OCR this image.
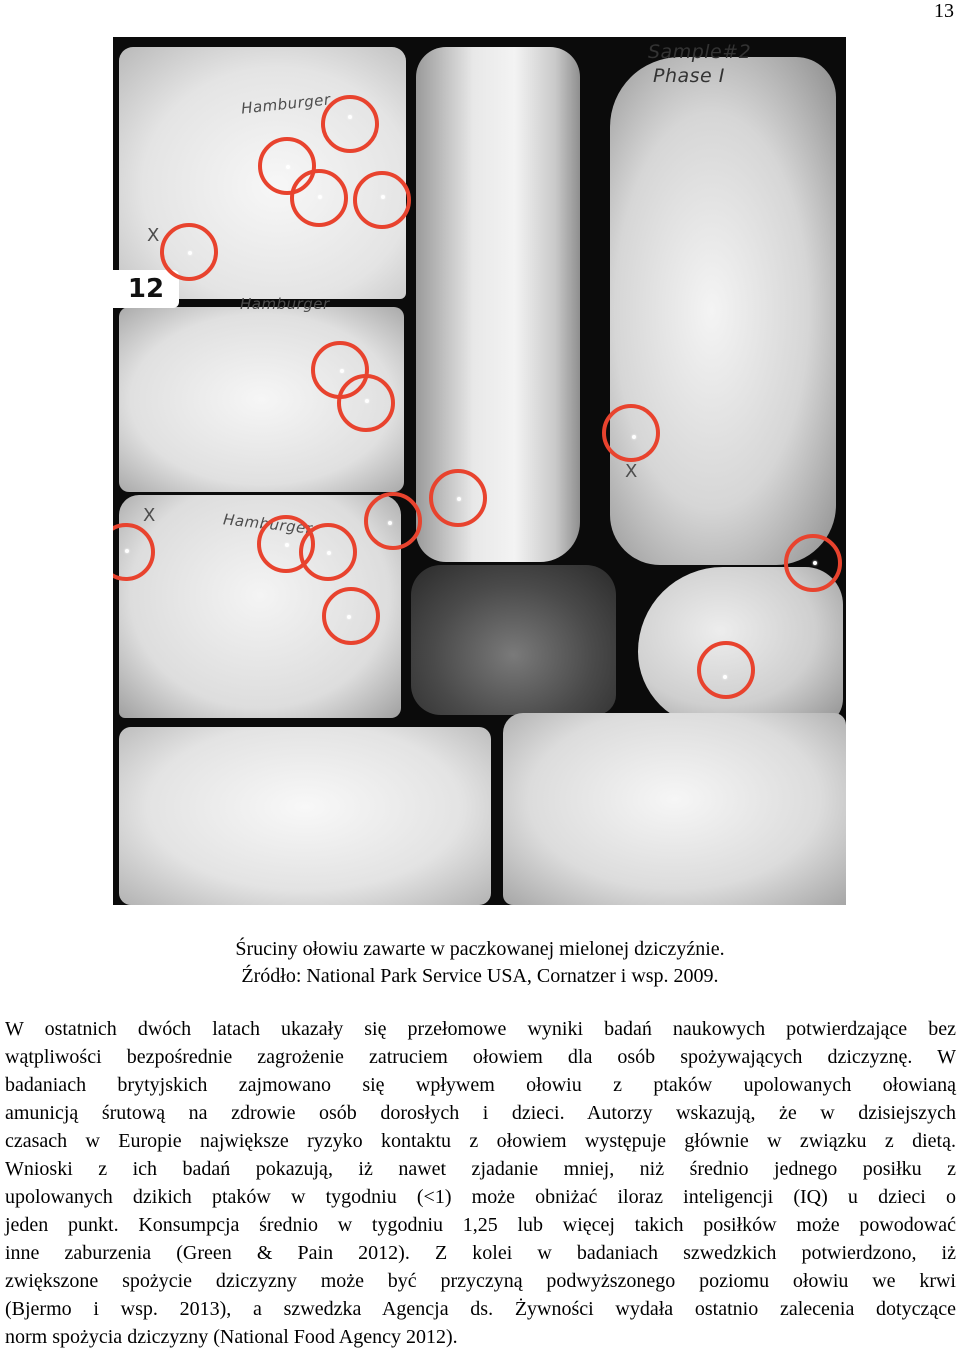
13
Sample#2
Phase I
Hamburger
Hamburger
Hamburger
X
X
X
12
Śruciny ołowiu zawarte w paczkowanej mielonej dziczyźnie.
Źródło: National Park Service USA, Cornatzer i wsp. 2009.
W ostatnich dwóch latach ukazały się przełomowe wyniki badań naukowych potwierdzające bez
wątpliwości bezpośrednie zagrożenie zatruciem ołowiem dla osób spożywających dziczyznę. W
badaniach brytyjskich zajmowano się wpływem ołowiu z ptaków upolowanych ołowianą
amunicją śrutową na zdrowie osób dorosłych i dzieci. Autorzy wskazują, że w dzisiejszych
czasach w Europie największe ryzyko kontaktu z ołowiem występuje głównie w związku z dietą.
Wnioski z ich badań pokazują, iż nawet zjadanie mniej, niż średnio jednego posiłku z
upolowanych dzikich ptaków w tygodniu (<1) może obniżać iloraz inteligencji (IQ) u dzieci o
jeden punkt. Konsumpcja średnio w tygodniu 1,25 lub więcej takich posiłków może powodować
inne zaburzenia (Green & Pain 2012). Z kolei w badaniach szwedzkich potwierdzono, iż
zwiększone spożycie dziczyzny może być przyczyną podwyższonego poziomu ołowiu we krwi
(Bjermo i wsp. 2013), a szwedzka Agencja ds. Żywności wydała ostatnio zalecenia dotyczące
norm spożycia dziczyzny (National Food Agency 2012).
